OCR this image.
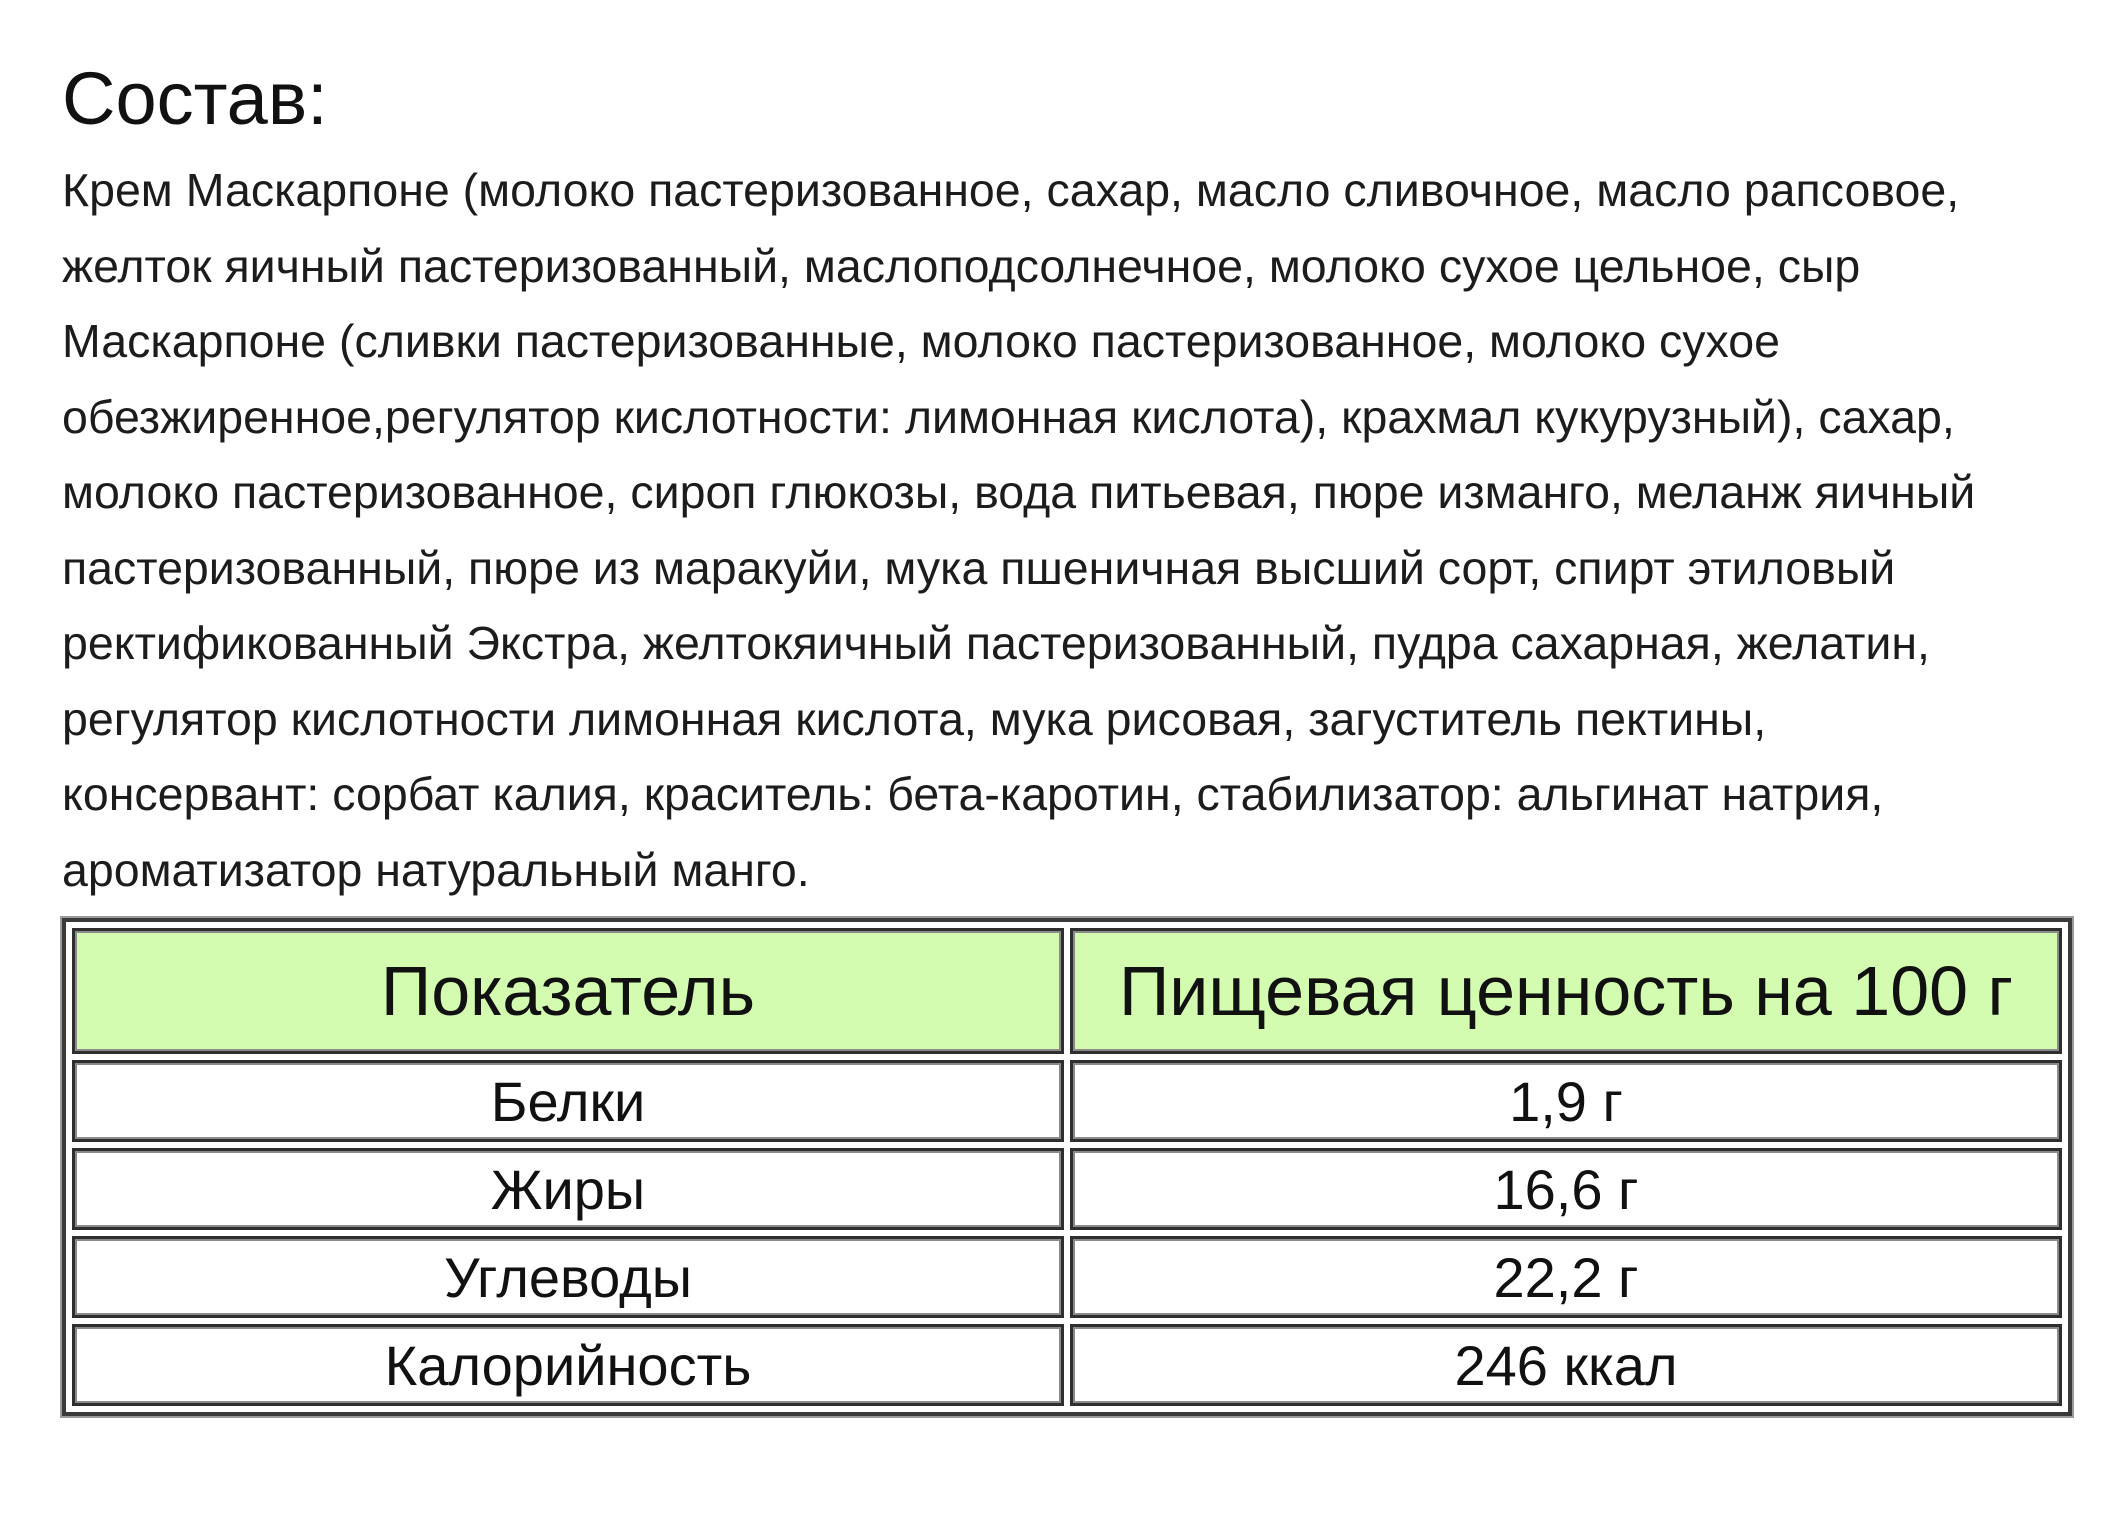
Состав:

Крем Маскарпоне (молоко пастеризованное, сахар, масло сливочное, масло рапсовое,
желток яичный пастеризованный, маслоподсолнечное, молоко сухое цельное, сыр
Маскарпоне (сливки пастеризованные, молоко пастеризованное, молоко сухое
обезжиренное,регулятор кислотности: лимонная кислота), крахмал кукурузный), сахар,
молоко пастеризованное, сироп глюкозы, вода питьевая, пюре изманго, меланж яичный
пастеризованный, пюре из маракуйи, мука пшеничная высший сорт, спирт этиловый
ректификованный Экстра, желтокяичный пастеризованный, пудра сахарная, желатин,
регулятор кислотности лимонная кислота, мука рисовая, загуститель пектины,
консервант: сорбат калия, краситель: бета-каротин, стабилизатор: альгинат натрия,
ароматизатор натуральный манго.

Показатель	Пищевая ценность на 100 г
Белки	1,9 г
Жиры	16,6 г
Углеводы	22,2 г
Калорийность	246 ккал
